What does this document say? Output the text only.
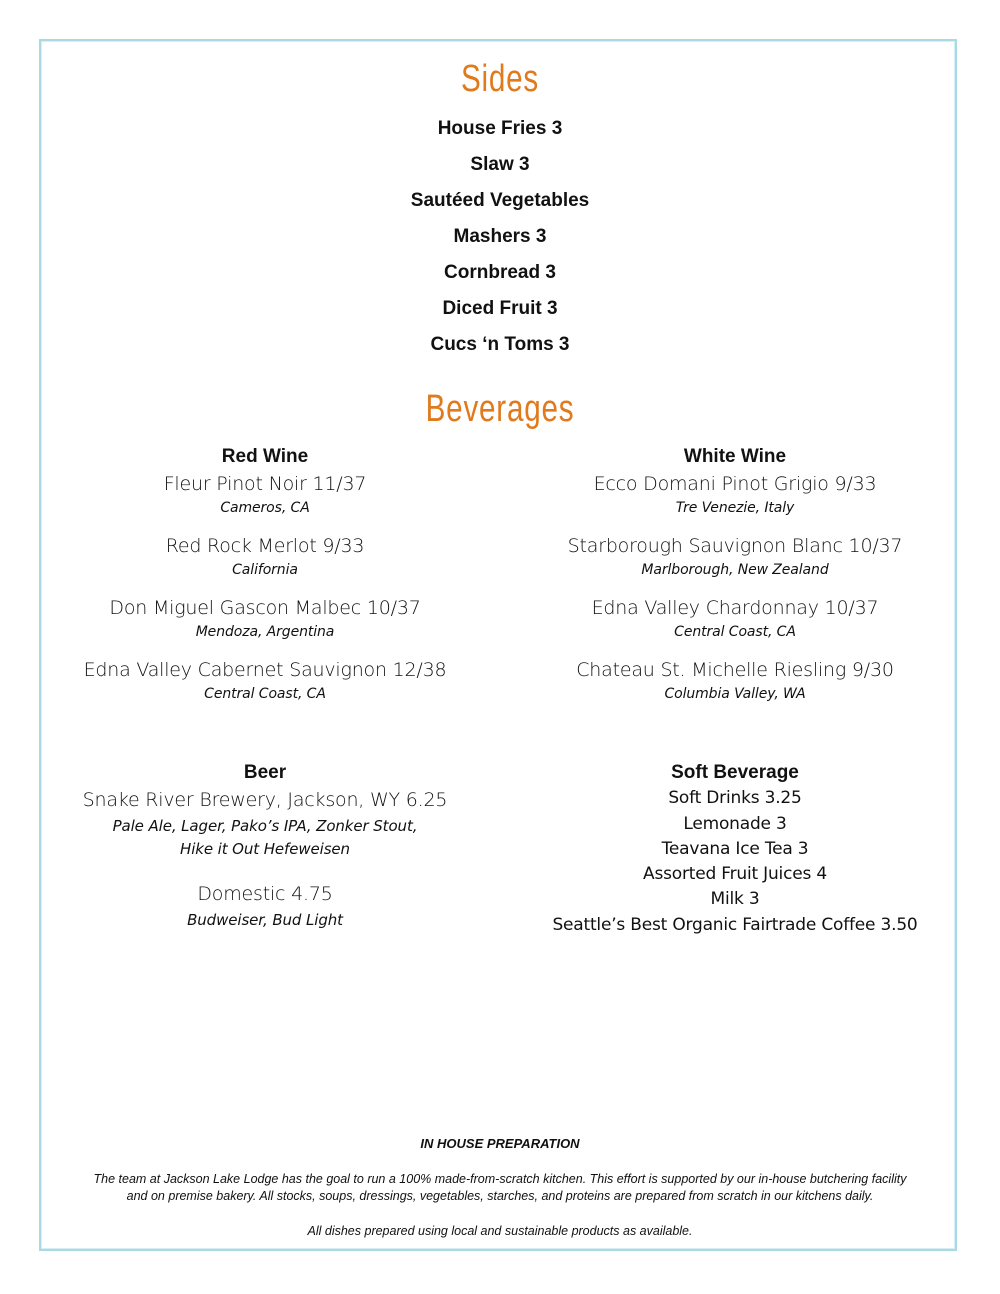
Sides
House Fries 3
Slaw 3
Sautéed Vegetables
Mashers 3
Cornbread 3
Diced Fruit 3
Cucs ‘n Toms 3
Beverages
Red Wine
Fleur Pinot Noir 11/37
Cameros, CA
Red Rock Merlot 9/33
California
Don Miguel Gascon Malbec 10/37
Mendoza, Argentina
Edna Valley Cabernet Sauvignon 12/38
Central Coast, CA
White Wine
Ecco Domani Pinot Grigio 9/33
Tre Venezie, Italy
Starborough Sauvignon Blanc 10/37
Marlborough, New Zealand
Edna Valley Chardonnay 10/37
Central Coast, CA
Chateau St. Michelle Riesling 9/30
Columbia Valley, WA
Beer
Snake River Brewery, Jackson, WY 6.25
Pale Ale, Lager, Pako’s IPA, Zonker Stout,
Hike it Out Hefeweisen
Domestic 4.75
Budweiser, Bud Light
Soft Beverage
Soft Drinks 3.25
Lemonade 3
Teavana Ice Tea 3
Assorted Fruit Juices 4
Milk 3
Seattle’s Best Organic Fairtrade Coffee 3.50
IN HOUSE PREPARATION
The team at Jackson Lake Lodge has the goal to run a 100% made-from-scratch kitchen. This effort is supported by our in-house butchering facility
and on premise bakery. All stocks, soups, dressings, vegetables, starches, and proteins are prepared from scratch in our kitchens daily.
All dishes prepared using local and sustainable products as available.
